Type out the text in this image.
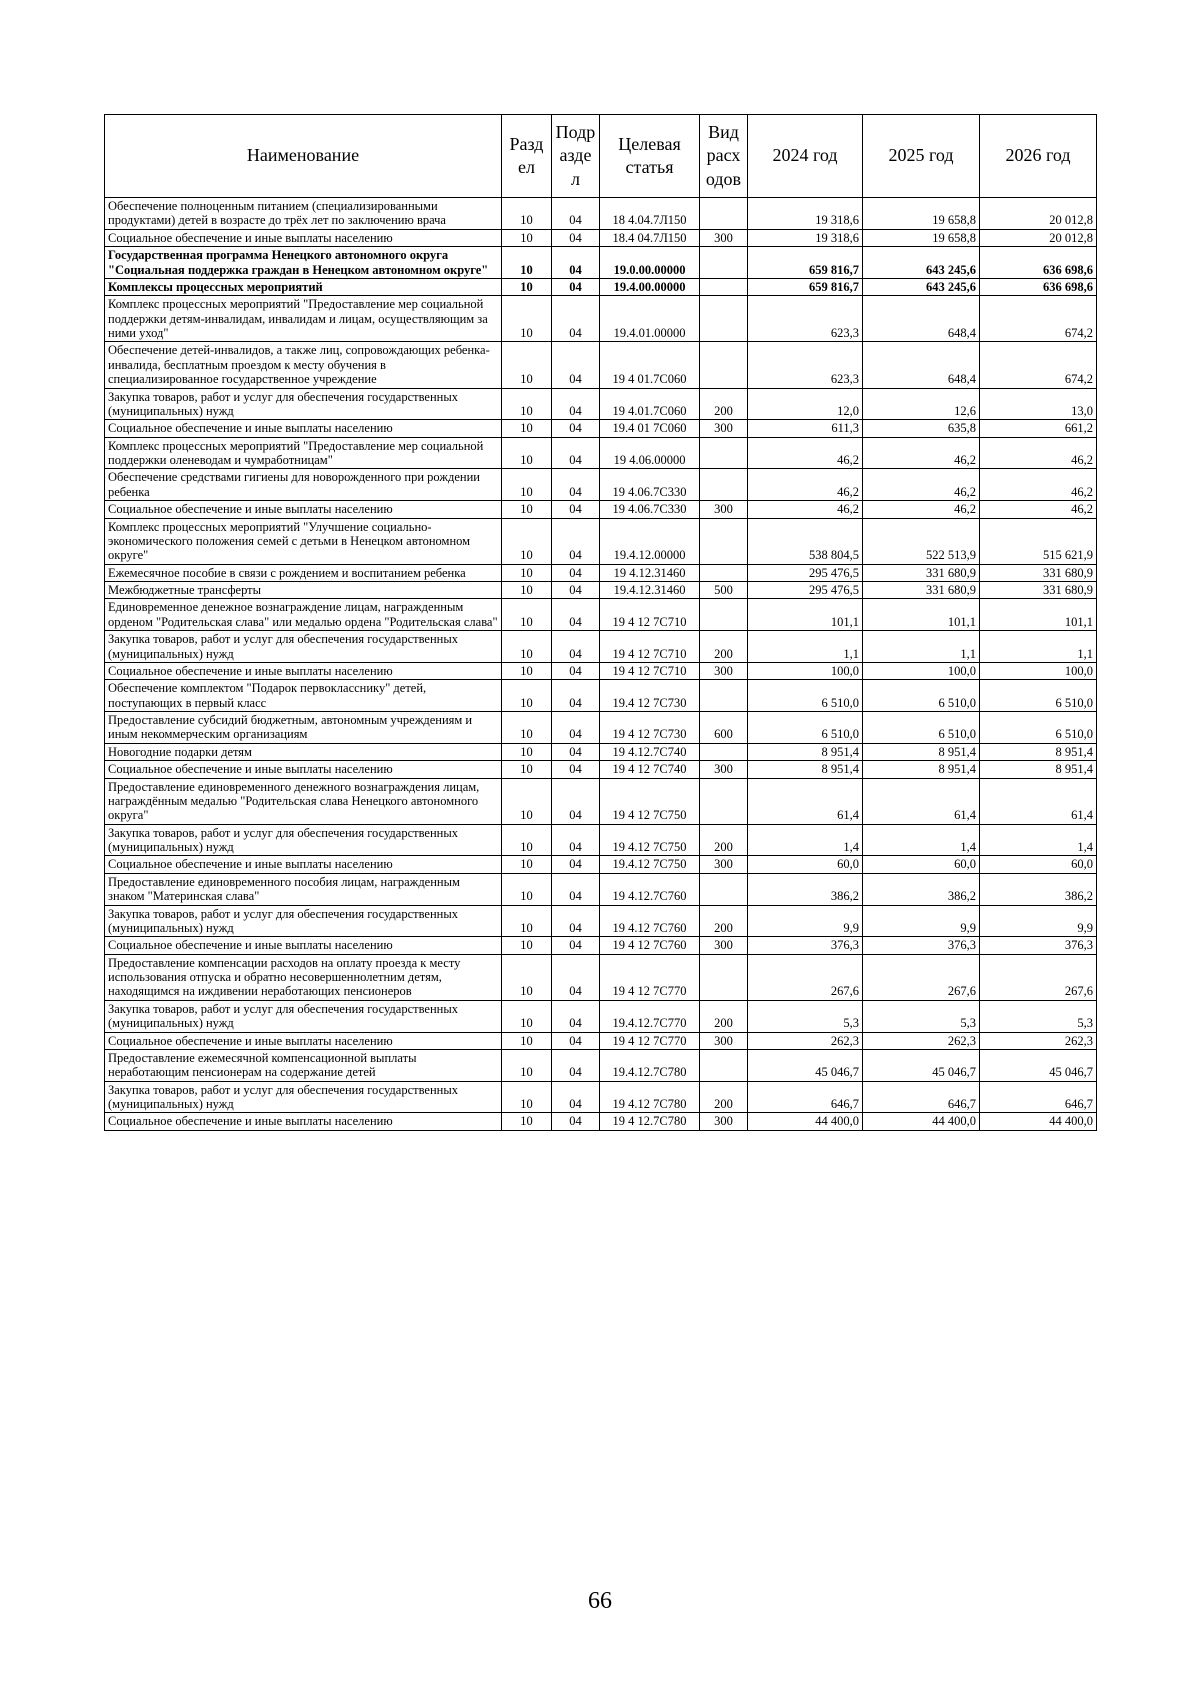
Наименование	Разд ел	Подр азде л	Целевая статья	Вид расх одов	2024 год	2025 год	2026 год
Обеспечение полноценным питанием (специализированными продуктами) детей в возрасте до трёх лет по заключению врача	10	04	18 4.04.7Л150		19 318,6	19 658,8	20 012,8
Социальное обеспечение и иные выплаты населению	10	04	18.4 04.7Л150	300	19 318,6	19 658,8	20 012,8
Государственная программа Ненецкого автономного округа "Социальная поддержка граждан в Ненецком автономном округе"	10	04	19.0.00.00000		659 816,7	643 245,6	636 698,6
Комплексы процессных мероприятий	10	04	19.4.00.00000		659 816,7	643 245,6	636 698,6
Комплекс процессных мероприятий "Предоставление мер социальной поддержки детям-инвалидам, инвалидам и лицам, осуществляющим за ними уход"	10	04	19.4.01.00000		623,3	648,4	674,2
Обеспечение детей-инвалидов, а также лиц, сопровождающих ребенка-инвалида, бесплатным проездом к месту обучения в специализированное государственное учреждение	10	04	19 4 01.7С060		623,3	648,4	674,2
Закупка товаров, работ и услуг для обеспечения государственных (муниципальных) нужд	10	04	19 4.01.7С060	200	12,0	12,6	13,0
Социальное обеспечение и иные выплаты населению	10	04	19.4 01 7С060	300	611,3	635,8	661,2
Комплекс процессных мероприятий "Предоставление мер социальной поддержки оленеводам и чумработницам"	10	04	19 4.06.00000		46,2	46,2	46,2
Обеспечение средствами гигиены для новорожденного при рождении ребенка	10	04	19 4.06.7С330		46,2	46,2	46,2
Социальное обеспечение и иные выплаты населению	10	04	19 4.06.7С330	300	46,2	46,2	46,2
Комплекс процессных мероприятий "Улучшение социально-экономического положения семей с детьми в Ненецком автономном округе"	10	04	19.4.12.00000		538 804,5	522 513,9	515 621,9
Ежемесячное пособие в связи с рождением и воспитанием ребенка	10	04	19 4.12.31460		295 476,5	331 680,9	331 680,9
Межбюджетные трансферты	10	04	19.4.12.31460	500	295 476,5	331 680,9	331 680,9
Единовременное денежное вознаграждение лицам, награжденным орденом "Родительская слава" или медалью ордена "Родительская слава"	10	04	19 4 12 7С710		101,1	101,1	101,1
Закупка товаров, работ и услуг для обеспечения государственных (муниципальных) нужд	10	04	19 4 12 7С710	200	1,1	1,1	1,1
Социальное обеспечение и иные выплаты населению	10	04	19 4 12 7С710	300	100,0	100,0	100,0
Обеспечение комплектом "Подарок первокласснику" детей, поступающих в первый класс	10	04	19.4 12 7С730		6 510,0	6 510,0	6 510,0
Предоставление субсидий бюджетным, автономным учреждениям и иным некоммерческим организациям	10	04	19 4 12 7С730	600	6 510,0	6 510,0	6 510,0
Новогодние подарки детям	10	04	19 4.12.7С740		8 951,4	8 951,4	8 951,4
Социальное обеспечение и иные выплаты населению	10	04	19 4 12 7С740	300	8 951,4	8 951,4	8 951,4
Предоставление единовременного денежного вознаграждения лицам, награждённым медалью "Родительская слава Ненецкого автономного округа"	10	04	19 4 12 7С750		61,4	61,4	61,4
Закупка товаров, работ и услуг для обеспечения государственных (муниципальных) нужд	10	04	19 4.12 7С750	200	1,4	1,4	1,4
Социальное обеспечение и иные выплаты населению	10	04	19.4.12 7С750	300	60,0	60,0	60,0
Предоставление единовременного пособия лицам, награжденным знаком "Материнская слава"	10	04	19 4.12.7С760		386,2	386,2	386,2
Закупка товаров, работ и услуг для обеспечения государственных (муниципальных) нужд	10	04	19 4.12 7С760	200	9,9	9,9	9,9
Социальное обеспечение и иные выплаты населению	10	04	19 4 12 7С760	300	376,3	376,3	376,3
Предоставление компенсации расходов на оплату проезда к месту использования отпуска и обратно несовершеннолетним детям, находящимся на иждивении неработающих пенсионеров	10	04	19 4 12 7С770		267,6	267,6	267,6
Закупка товаров, работ и услуг для обеспечения государственных (муниципальных) нужд	10	04	19.4.12.7С770	200	5,3	5,3	5,3
Социальное обеспечение и иные выплаты населению	10	04	19 4 12 7С770	300	262,3	262,3	262,3
Предоставление ежемесячной компенсационной выплаты неработающим пенсионерам на содержание детей	10	04	19.4.12.7С780		45 046,7	45 046,7	45 046,7
Закупка товаров, работ и услуг для обеспечения государственных (муниципальных) нужд	10	04	19 4.12 7С780	200	646,7	646,7	646,7
Социальное обеспечение и иные выплаты населению	10	04	19 4 12.7С780	300	44 400,0	44 400,0	44 400,0
66
